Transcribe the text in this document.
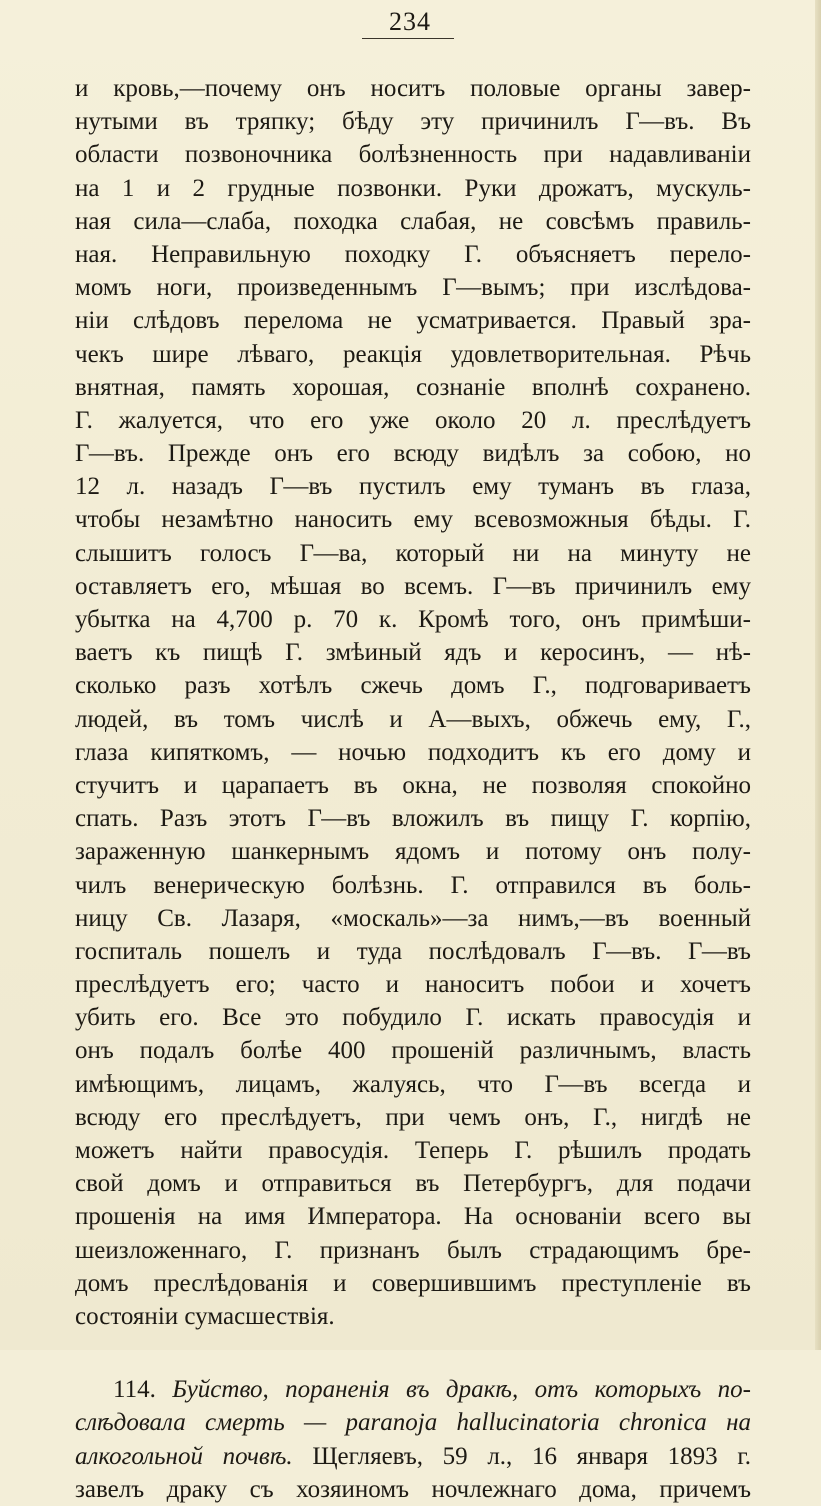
234
и кровь,—почему онъ носитъ половые органы завер-
нутыми въ тряпку; бѣду эту причинилъ Г—въ. Въ
области позвоночника болѣзненность при надавливаніи
на 1 и 2 грудные позвонки. Руки дрожатъ, мускуль-
ная сила—слаба, походка слабая, не совсѣмъ правиль-
ная. Неправильную походку Г. объясняетъ перело-
момъ ноги, произведеннымъ Г—вымъ; при изслѣдова-
ніи слѣдовъ перелома не усматривается. Правый зра-
чекъ шире лѣваго, реакція удовлетворительная. Рѣчь
внятная, память хорошая, сознаніе вполнѣ сохранено.
Г. жалуется, что его уже около 20 л. преслѣдуетъ
Г—въ. Прежде онъ его всюду видѣлъ за собою, но
12 л. назадъ Г—въ пустилъ ему туманъ въ глаза,
чтобы незамѣтно наносить ему всевозможныя бѣды. Г.
слышитъ голосъ Г—ва, который ни на минуту не
оставляетъ его, мѣшая во всемъ. Г—въ причинилъ ему
убытка на 4,700 р. 70 к. Кромѣ того, онъ примѣши-
ваетъ къ пищѣ Г. змѣиный ядъ и керосинъ, — нѣ-
сколько разъ хотѣлъ сжечь домъ Г., подговариваетъ
людей, въ томъ числѣ и А—выхъ, обжечь ему, Г.,
глаза кипяткомъ, — ночью подходитъ къ его дому и
стучитъ и царапаетъ въ окна, не позволяя спокойно
спать. Разъ этотъ Г—въ вложилъ въ пищу Г. корпію,
зараженную шанкернымъ ядомъ и потому онъ полу-
чилъ венерическую болѣзнь. Г. отправился въ боль-
ницу Св. Лазаря, «москаль»—за нимъ,—въ военный
госпиталь пошелъ и туда послѣдовалъ Г—въ. Г—въ
преслѣдуетъ его; часто и наноситъ побои и хочетъ
убить его. Все это побудило Г. искать правосудія и
онъ подалъ болѣе 400 прошеній различнымъ, власть
имѣющимъ, лицамъ, жалуясь, что Г—въ всегда и
всюду его преслѣдуетъ, при чемъ онъ, Г., нигдѣ не
можетъ найти правосудія. Теперь Г. рѣшилъ продать
свой домъ и отправиться въ Петербургъ, для подачи
прошенія на имя Императора. На основаніи всего вы
шеизложеннаго, Г. признанъ былъ страдающимъ бре-
домъ преслѣдованія и совершившимъ преступленіе въ
состояніи сумасшествія.
114. Буйство, пораненія въ дракѣ, отъ которыхъ по-
слѣдовала смерть — paranoja hallucinatoria chronica на
алкогольной почвѣ. Щегляевъ, 59 л., 16 января 1893 г.
завелъ драку съ хозяиномъ ночлежнаго дома, причемъ
